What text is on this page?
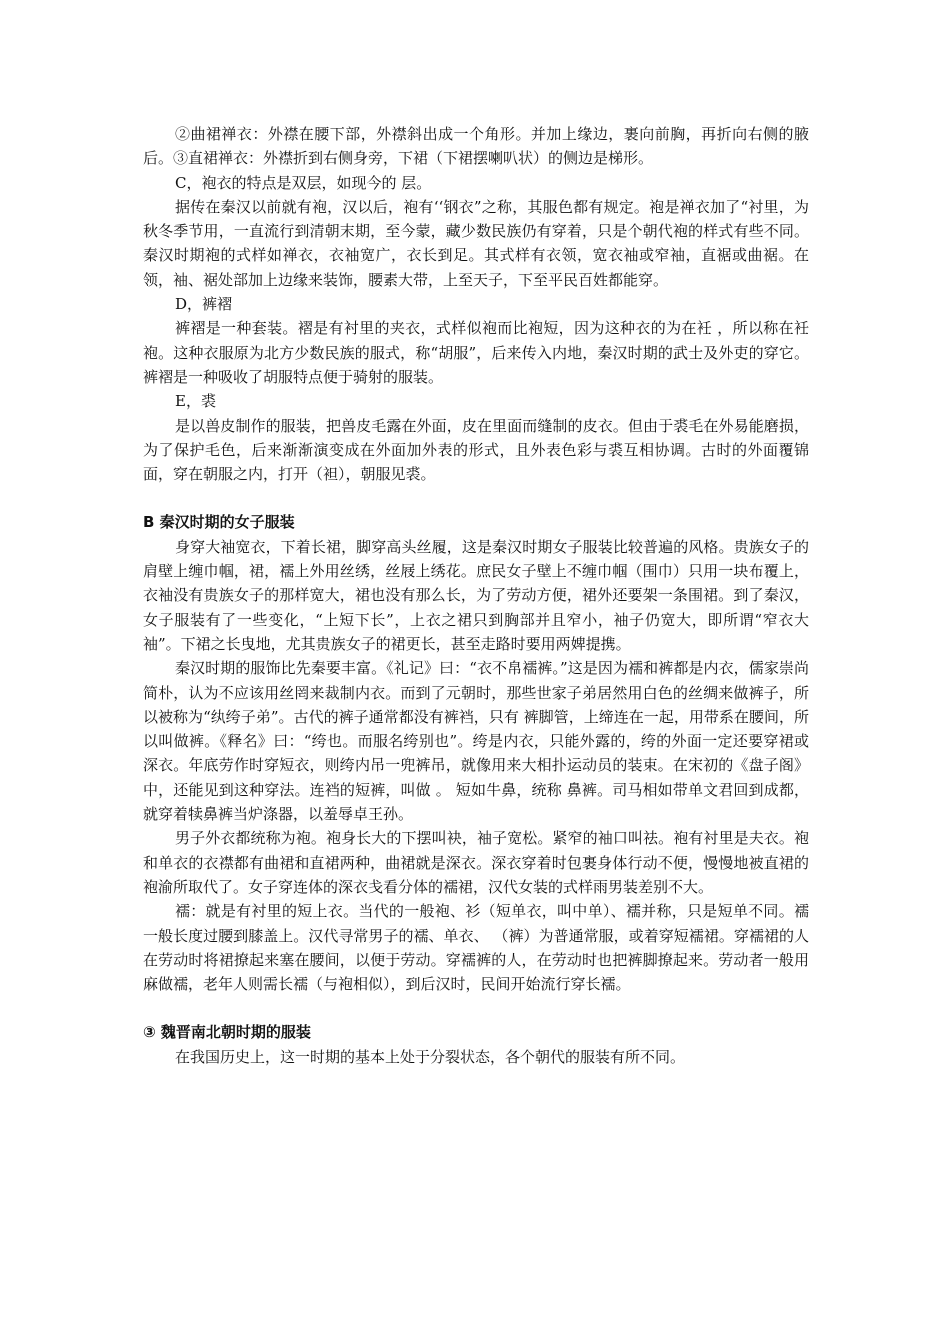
②曲裙禅衣：外襟在腰下部，外襟斜出成一个角形。并加上缘边，裹向前胸，再折向右侧的腋后。③直裙禅衣：外襟折到右侧身旁，下裙（下裙摆喇叭状）的侧边是梯形。

C，袍衣的特点是双层，如现今的 层。

据传在秦汉以前就有袍，汉以后，袍有‘‘钢衣”之称，其服色都有规定。袍是禅衣加了“衬里，为秋冬季节用，一直流行到清朝末期，至今蒙，藏少数民族仍有穿着，只是个朝代袍的样式有些不同。秦汉时期袍的式样如禅衣，衣袖宽广，衣长到足。其式样有衣领，宽衣袖或窄袖，直裾或曲裾。在领，袖、裾处部加上边缘来装饰，腰素大带，上至天子，下至平民百姓都能穿。

D，裤褶

裤褶是一种套装。褶是有衬里的夹衣，式样似袍而比袍短，因为这种衣的为在衽 ，所以称在衽袍。这种衣服原为北方少数民族的服式，称“胡服”，后来传入内地，秦汉时期的武士及外吏的穿它。裤褶是一种吸收了胡服特点便于骑射的服装。

E，裘

是以兽皮制作的服装，把兽皮毛露在外面，皮在里面而缝制的皮衣。但由于裘毛在外易能磨损，为了保护毛色，后来渐渐演变成在外面加外表的形式，且外表色彩与裘互相协调。古时的外面覆锦面，穿在朝服之内，打开（袒），朝服见裘。

B 秦汉时期的女子服装

身穿大袖宽衣，下着长裙，脚穿高头丝履，这是秦汉时期女子服装比较普遍的风格。贵族女子的肩壁上缠巾帼，裙，襦上外用丝绣，丝屐上绣花。庶民女子壁上不缠巾帼（围巾）只用一块布覆上，衣袖没有贵族女子的那样宽大，裙也没有那么长，为了劳动方便，裙外还要架一条围裙。到了秦汉，女子服装有了一些变化，“上短下长”，上衣之裙只到胸部并且窄小，袖子仍宽大，即所谓“窄衣大袖”。下裙之长曳地，尤其贵族女子的裙更长，甚至走路时要用两婢提携。

秦汉时期的服饰比先秦要丰富。《礼记》曰：“衣不帛襦裤。”这是因为襦和裤都是内衣，儒家崇尚简朴，认为不应该用丝罔来裁制内衣。而到了元朝时，那些世家子弟居然用白色的丝绸来做裤子，所以被称为“纨绔子弟”。古代的裤子通常都没有裤裆，只有 裤脚管，上缔连在一起，用带系在腰间，所以叫做裤。《释名》曰：“绔也。而服名绔别也”。绔是内衣，只能外露的，绔的外面一定还要穿裙或深衣。年底劳作时穿短衣，则绔内吊一兜裤吊，就像用来大相扑运动员的装束。在宋初的《盘子阁》中，还能见到这种穿法。连裆的短裤，叫做 。 短如牛鼻，统称 鼻裤。司马相如带单文君回到成都，就穿着犊鼻裤当炉涤器，以羞辱卓王孙。

男子外衣都统称为袍。袍身长大的下摆叫袂，袖子宽松。紧窄的袖口叫祛。袍有衬里是夫衣。袍和单衣的衣襟都有曲裙和直裙两种，曲裙就是深衣。深衣穿着时包裹身体行动不便，慢慢地被直裙的袍渝所取代了。女子穿连体的深衣戋看分体的襦裙，汉代女装的式样雨男装差别不大。

襦：就是有衬里的短上衣。当代的一般袍、衫（短单衣，叫中单）、襦并称，只是短单不同。襦一般长度过腰到膝盖上。汉代寻常男子的襦、单衣、 （裤）为普通常服，或着穿短襦裙。穿襦裙的人在劳动时将裙撩起来塞在腰间，以便于劳动。穿襦裤的人，在劳动时也把裤脚撩起来。劳动者一般用麻做襦，老年人则需长襦（与袍相似），到后汉时，民间开始流行穿长襦。

③ 魏晋南北朝时期的服装

在我国历史上，这一时期的基本上处于分裂状态，各个朝代的服装有所不同。
